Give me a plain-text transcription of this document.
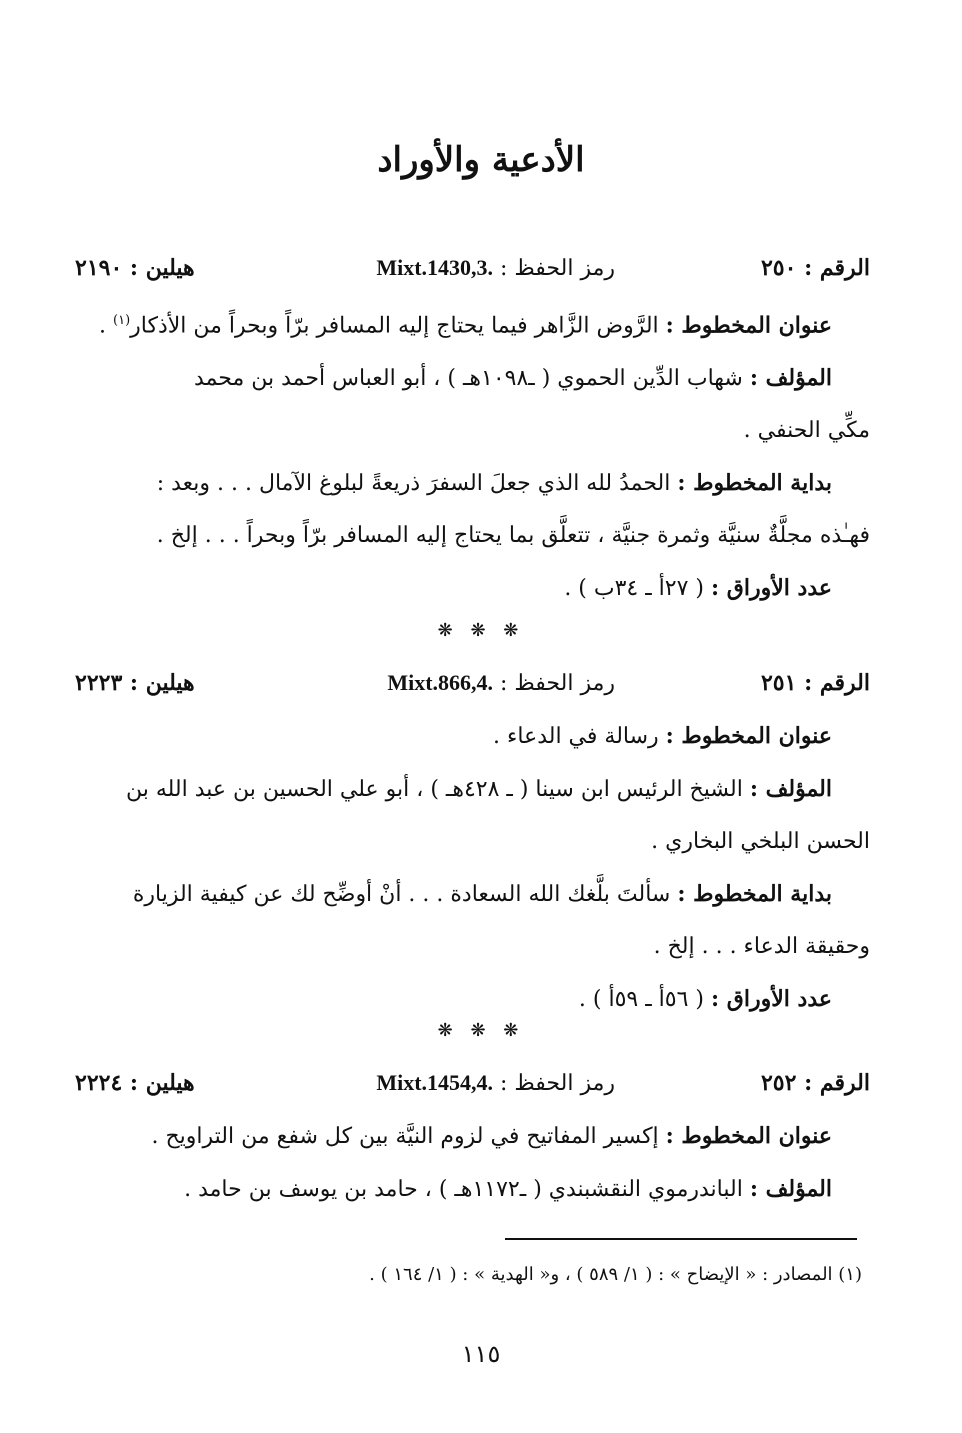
الأدعية والأوراد
الرقم : ٢٥٠
رمز الحفظ : Mixt.1430,3.
هيلين : ٢١٩٠
عنوان المخطوط : الرَّوض الزَّاهر فيما يحتاج إليه المسافر برّاً وبحراً من الأذكار$^{(١)}$ .
المؤلف : شهاب الدِّين الحموي ( ـ١٠٩٨هـ ) ، أبو العباس أحمد بن محمد
مكِّي الحنفي .
بداية المخطوط : الحمدُ لله الذي جعلَ السفرَ ذريعةً لبلوغ الآمال . . . وبعد :
فهـٰذه مجلَّةٌ سنيَّة وثمرة جنيَّة ، تتعلَّق بما يحتاج إليه المسافر برّاً وبحراً . . . إلخ .
عدد الأوراق : ( ٢٧أ ـ ٣٤ب ) .
❋ ❋ ❋
الرقم : ٢٥١
رمز الحفظ : Mixt.866,4.
هيلين : ٢٢٢٣
عنوان المخطوط : رسالة في الدعاء .
المؤلف : الشيخ الرئيس ابن سينا ( ـ ٤٢٨هـ ) ، أبو علي الحسين بن عبد الله بن
الحسن البلخي البخاري .
بداية المخطوط : سألتَ بلَّغك الله السعادة . . . أنْ أوضِّح لك عن كيفية الزيارة
وحقيقة الدعاء . . . إلخ .
عدد الأوراق : ( ٥٦أ ـ ٥٩أ ) .
❋ ❋ ❋
الرقم : ٢٥٢
رمز الحفظ : Mixt.1454,4.
هيلين : ٢٢٢٤
عنوان المخطوط : إكسير المفاتيح في لزوم النيَّة بين كل شفع من التراويح .
المؤلف : الباندرموي النقشبندي ( ـ١١٧٢هـ ) ، حامد بن يوسف بن حامد .
(١) المصادر : « الإيضاح » : ( ١/ ٥٨٩ ) ، و« الهدية » : ( ١/ ١٦٤ ) .
١١٥
